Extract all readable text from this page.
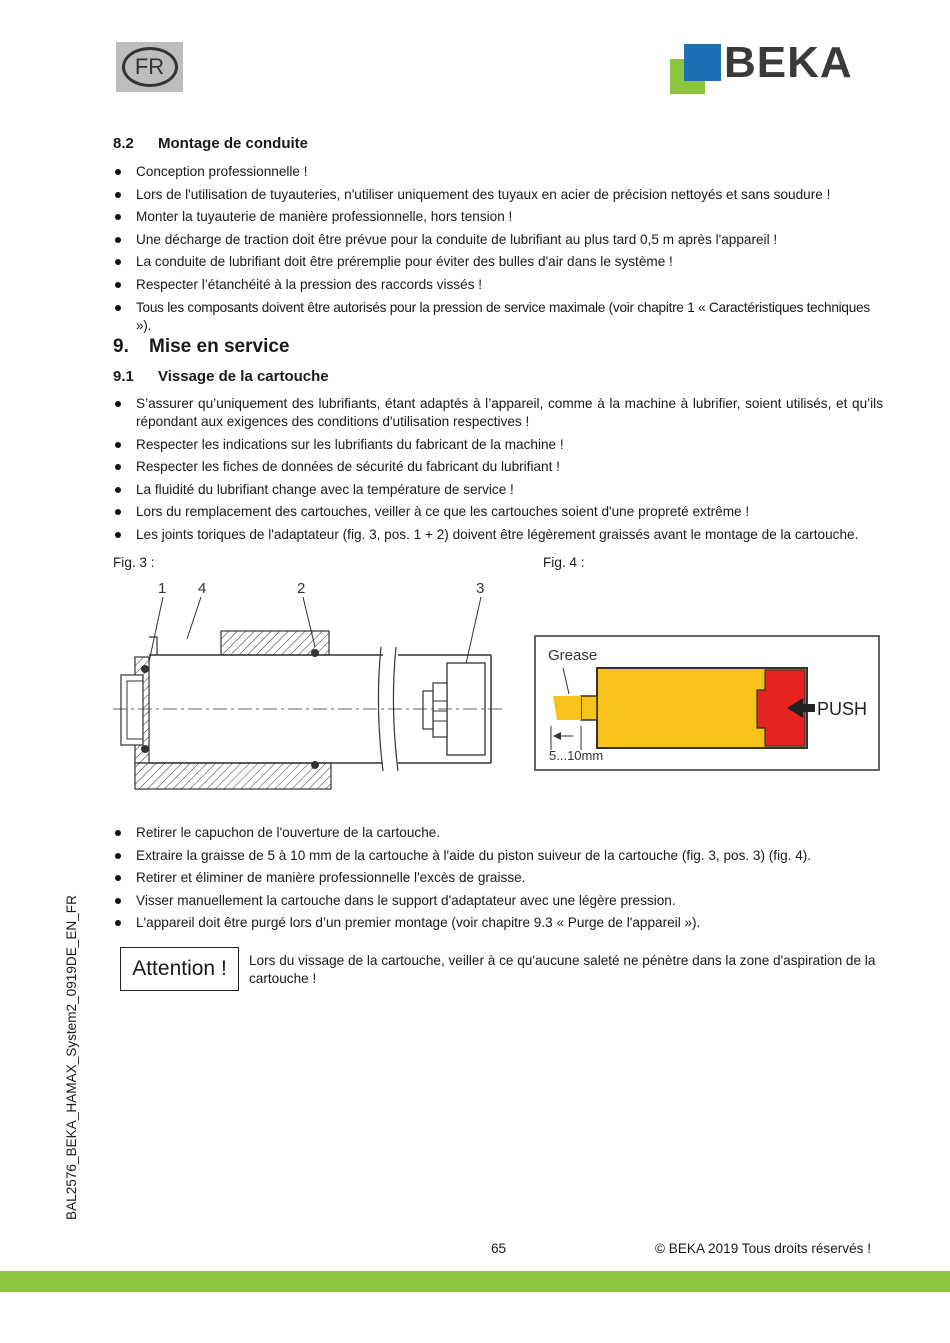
FR	BEKA
8.2 Montage de conduite
Conception professionnelle !
Lors de l'utilisation de tuyauteries, n'utiliser uniquement des tuyaux en acier de précision nettoyés et sans soudure !
Monter la tuyauterie de manière professionnelle, hors tension !
Une décharge de traction doit être prévue pour la conduite de lubrifiant au plus tard 0,5 m après l'appareil !
La conduite de lubrifiant doit être préremplie pour éviter des bulles d'air dans le système !
Respecter l’étanchéité à la pression des raccords vissés !
Tous les composants doivent être autorisés pour la pression de service maximale (voir chapitre 1 « Caractéristiques techniques »).
9. Mise en service
9.1 Vissage de la cartouche
S’assurer qu’uniquement des lubrifiants, étant adaptés à l’appareil, comme à la machine à lubrifier, soient utilisés, et qu’ils répondant aux exigences des conditions d'utilisation respectives !
Respecter les indications sur les lubrifiants du fabricant de la machine !
Respecter les fiches de données de sécurité du fabricant du lubrifiant !
La fluidité du lubrifiant change avec la température de service !
Lors du remplacement des cartouches, veiller à ce que les cartouches soient d'une propreté extrême !
Les joints toriques de l'adaptateur (fig. 3, pos. 1 + 2) doivent être légèrement graissés avant le montage de la cartouche.
Fig. 3 :	Fig. 4 :
1 4	2	3
Grease
PUSH
5...10mm
Retirer le capuchon de l'ouverture de la cartouche.
Extraire la graisse de 5 à 10 mm de la cartouche à l'aide du piston suiveur de la cartouche (fig. 3, pos. 3) (fig. 4).
Retirer et éliminer de manière professionnelle l'excès de graisse.
Visser manuellement la cartouche dans le support d'adaptateur avec une légère pression.
L'appareil doit être purgé lors d’un premier montage (voir chapitre 9.3 « Purge de l'appareil »).
Attention !	Lors du vissage de la cartouche, veiller à ce qu'aucune saleté ne pénètre dans la zone d'aspiration de la cartouche !
BAL2576_BEKA_HAMAX_System2_0919DE_EN_FR
65	© BEKA 2019 Tous droits réservés !
